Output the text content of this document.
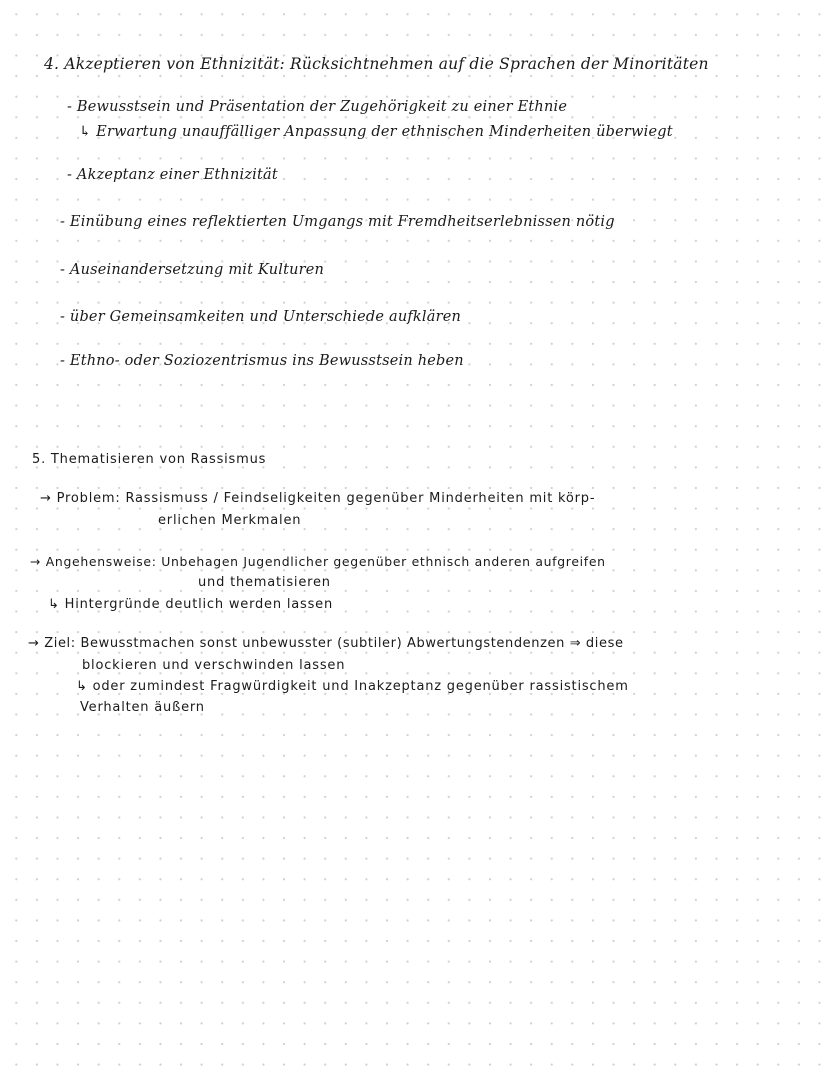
4. Akzeptieren von Ethnizität: Rücksichtnehmen auf die Sprachen der Minoritäten

- Bewusstsein und Präsentation der Zugehörigkeit zu einer Ethnie

↳ Erwartung unauffälliger Anpassung der ethnischen Minderheiten überwiegt

- Akzeptanz einer Ethnizität

- Einübung eines reflektierten Umgangs mit Fremdheitserlebnissen nötig

- Auseinandersetzung mit Kulturen

- über Gemeinsamkeiten und Unterschiede aufklären

- Ethno- oder Soziozentrismus ins Bewusstsein heben

5. Thematisieren von Rassismus

→ Problem: Rassismuss / Feindseligkeiten gegenüber Minderheiten mit körp-

erlichen Merkmalen

→ Angehensweise: Unbehagen Jugendlicher gegenüber ethnisch anderen aufgreifen

und thematisieren

↳ Hintergründe deutlich werden lassen

→ Ziel: Bewusstmachen sonst unbewusster (subtiler) Abwertungstendenzen ⇒ diese

blockieren und verschwinden lassen

↳ oder zumindest Fragwürdigkeit und Inakzeptanz gegenüber rassistischem

Verhalten äußern
